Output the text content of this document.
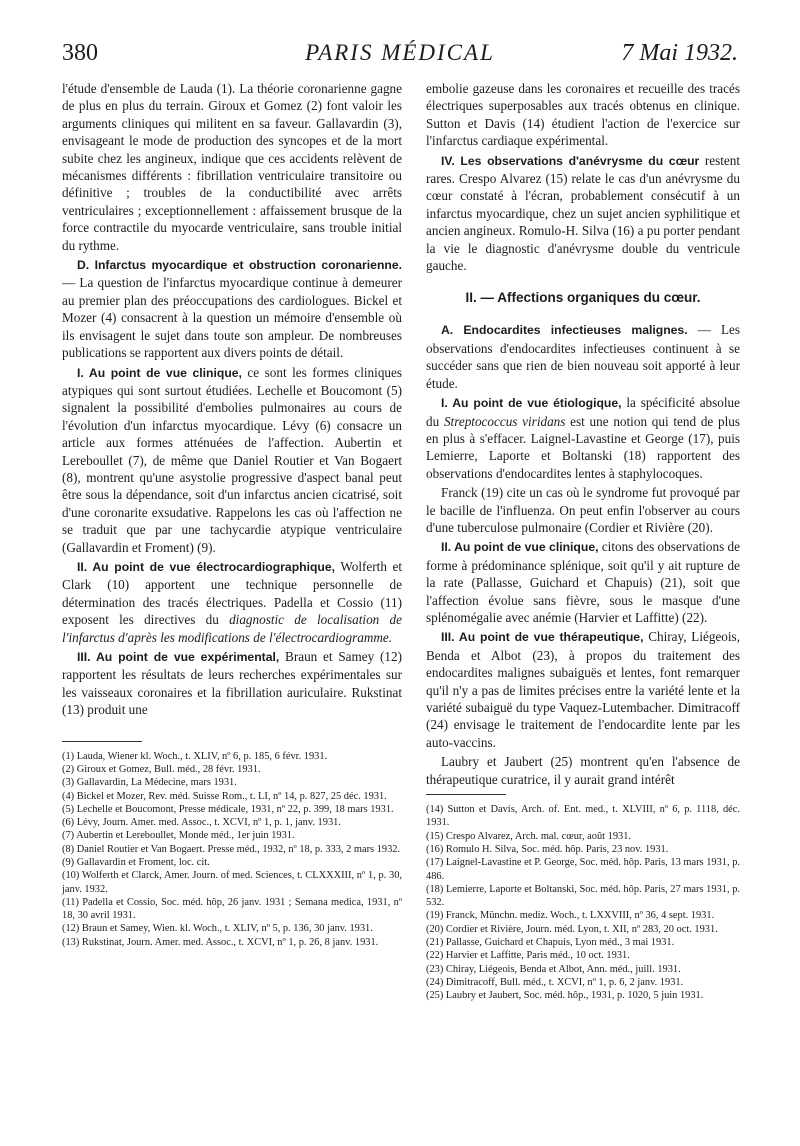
380	PARIS MÉDICAL	7 Mai 1932.

l'étude d'ensemble de Lauda (1). La théorie coronarienne gagne de plus en plus du terrain. Giroux et Gomez (2) font valoir les arguments cliniques qui militent en sa faveur. Gallavardin (3), envisageant le mode de production des syncopes et de la mort subite chez les angineux, indique que ces accidents relèvent de mécanismes différents : fibrillation ventriculaire transitoire ou définitive ; troubles de la conductibilité avec arrêts ventriculaires ; exceptionnellement : affaissement brusque de la force contractile du myocarde ventriculaire, sans trouble initial du rythme.

D. Infarctus myocardique et obstruction coronarienne. — La question de l'infarctus myocardique continue à demeurer au premier plan des préoccupations des cardiologues. Bickel et Mozer (4) consacrent à la question un mémoire d'ensemble où ils envisagent le sujet dans toute son ampleur. De nombreuses publications se rapportent aux divers points de détail.

I. Au point de vue clinique, ce sont les formes cliniques atypiques qui sont surtout étudiées. Lechelle et Boucomont (5) signalent la possibilité d'embolies pulmonaires au cours de l'évolution d'un infarctus myocardique. Lévy (6) consacre un article aux formes atténuées de l'affection. Aubertin et Lereboullet (7), de même que Daniel Routier et Van Bogaert (8), montrent qu'une asystolie progressive d'aspect banal peut être sous la dépendance, soit d'un infarctus ancien cicatrisé, soit d'une coronarite exsudative. Rappelons les cas où l'affection ne se traduit que par une tachycardie atypique ventriculaire (Gallavardin et Froment) (9).

II. Au point de vue électrocardiographique, Wolferth et Clark (10) apportent une technique personnelle de détermination des tracés électriques. Padella et Cossio (11) exposent les directives du diagnostic de localisation de l'infarctus d'après les modifications de l'électrocardiogramme.

III. Au point de vue expérimental, Braun et Samey (12) rapportent les résultats de leurs recherches expérimentales sur les vaisseaux coronaires et la fibrillation auriculaire. Rukstinat (13) produit une

(1) Lauda, Wiener kl. Woch., t. XLIV, nº 6, p. 185, 6 févr. 1931.

(2) Giroux et Gomez, Bull. méd., 28 févr. 1931.

(3) Gallavardin, La Médecine, mars 1931.

(4) Bickel et Mozer, Rev. méd. Suisse Rom., t. LI, nº 14, p. 827, 25 déc. 1931.

(5) Lechelle et Boucomont, Presse médicale, 1931, nº 22, p. 399, 18 mars 1931.

(6) Lévy, Journ. Amer. med. Assoc., t. XCVI, nº 1, p. 1, janv. 1931.

(7) Aubertin et Lereboullet, Monde méd., 1er juin 1931.

(8) Daniel Routier et Van Bogaert. Presse méd., 1932, nº 18, p. 333, 2 mars 1932.

(9) Gallavardin et Froment, loc. cit.

(10) Wolferth et Clarck, Amer. Journ. of med. Sciences, t. CLXXXIII, nº 1, p. 30, janv. 1932.

(11) Padella et Cossio, Soc. méd. hôp, 26 janv. 1931 ; Semana medica, 1931, nº 18, 30 avril 1931.

(12) Braun et Samey, Wien. kl. Woch., t. XLIV, nº 5, p. 136, 30 janv. 1931.

(13) Rukstinat, Journ. Amer. med. Assoc., t. XCVI, nº 1, p. 26, 8 janv. 1931.

embolie gazeuse dans les coronaires et recueille des tracés électriques superposables aux tracés obtenus en clinique. Sutton et Davis (14) étudient l'action de l'exercice sur l'infarctus cardiaque expérimental.

IV. Les observations d'anévrysme du cœur restent rares. Crespo Alvarez (15) relate le cas d'un anévrysme du cœur constaté à l'écran, probablement consécutif à un infarctus myocardique, chez un sujet ancien syphilitique et ancien angineux. Romulo-H. Silva (16) a pu porter pendant la vie le diagnostic d'anévrysme double du ventricule gauche.

II. — Affections organiques du cœur.

A. Endocardites infectieuses malignes. — Les observations d'endocardites infectieuses continuent à se succéder sans que rien de bien nouveau soit apporté à leur étude.

I. Au point de vue étiologique, la spécificité absolue du Streptococcus viridans est une notion qui tend de plus en plus à s'effacer. Laignel-Lavastine et George (17), puis Lemierre, Laporte et Boltanski (18) rapportent des observations d'endocardites lentes à staphylocoques.

Franck (19) cite un cas où le syndrome fut provoqué par le bacille de l'influenza. On peut enfin l'observer au cours d'une tuberculose pulmonaire (Cordier et Rivière (20).

II. Au point de vue clinique, citons des observations de forme à prédominance splénique, soit qu'il y ait rupture de la rate (Pallasse, Guichard et Chapuis) (21), soit que l'affection évolue sans fièvre, sous le masque d'une splénomégalie avec anémie (Harvier et Laffitte) (22).

III. Au point de vue thérapeutique, Chiray, Liégeois, Benda et Albot (23), à propos du traitement des endocardites malignes subaiguës et lentes, font remarquer qu'il n'y a pas de limites précises entre la variété lente et la variété subaiguë du type Vaquez-Lutembacher. Dimitracoff (24) envisage le traitement de l'endocardite lente par les auto-vaccins.

Laubry et Jaubert (25) montrent qu'en l'absence de thérapeutique curatrice, il y aurait grand intérêt

(14) Sutton et Davis, Arch. of. Ent. med., t. XLVIII, nº 6, p. 1118, déc. 1931.

(15) Crespo Alvarez, Arch. mal. cœur, août 1931.

(16) Romulo H. Silva, Soc. méd. hôp. Paris, 23 nov. 1931.

(17) Laignel-Lavastine et P. George, Soc. méd. hôp. Paris, 13 mars 1931, p. 486.

(18) Lemierre, Laporte et Boltanski, Soc. méd. hôp. Paris, 27 mars 1931, p. 532.

(19) Franck, Münchn. mediz. Woch., t. LXXVIII, nº 36, 4 sept. 1931.

(20) Cordier et Rivière, Journ. méd. Lyon, t. XII, nº 283, 20 oct. 1931.

(21) Pallasse, Guichard et Chapuis, Lyon méd., 3 mai 1931.

(22) Harvier et Laffitte, Paris méd., 10 oct. 1931.

(23) Chiray, Liégeois, Benda et Albot, Ann. méd., juill. 1931.

(24) Dimitracoff, Bull. méd., t. XCVI, nº 1, p. 6, 2 janv. 1931.

(25) Laubry et Jaubert, Soc. méd. hôp., 1931, p. 1020, 5 juin 1931.
